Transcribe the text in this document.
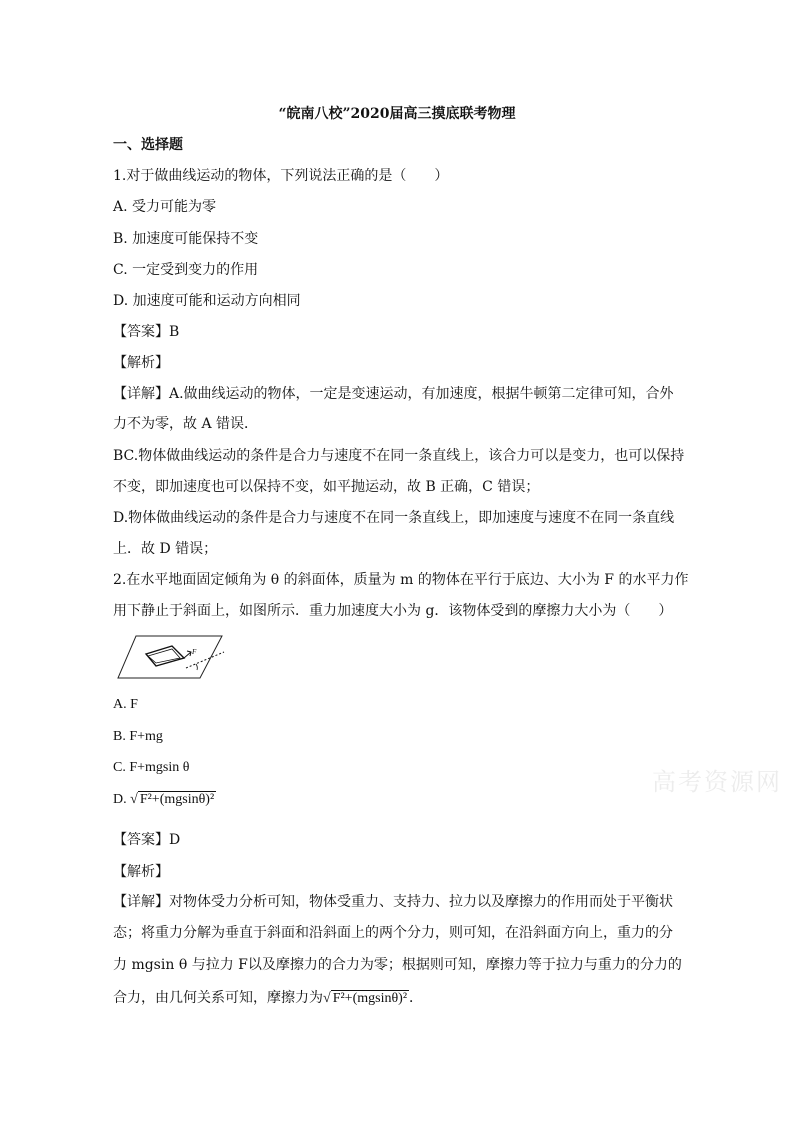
“皖南八校”2020届高三摸底联考物理
一、选择题
1.对于做曲线运动的物体，下列说法正确的是（　　）
A. 受力可能为零
B. 加速度可能保持不变
C. 一定受到变力的作用
D. 加速度可能和运动方向相同
【答案】B
【解析】
【详解】A.做曲线运动的物体，一定是变速运动，有加速度，根据牛顿第二定律可知，合外
力不为零，故 A 错误．
BC.物体做曲线运动的条件是合力与速度不在同一条直线上，该合力可以是变力，也可以保持
不变，即加速度也可以保持不变，如平抛运动，故 B 正确，C 错误；
D.物体做曲线运动的条件是合力与速度不在同一条直线上，即加速度与速度不在同一条直线
上．故 D 错误；
2.在水平地面固定倾角为 θ 的斜面体，质量为 m 的物体在平行于底边、大小为 F 的水平力作
用下静止于斜面上，如图所示．重力加速度大小为 g．该物体受到的摩擦力大小为（　　）
F
A. F
B. F+mg
C. F+mgsin θ
D. √ F²+(mgsinθ)²
【答案】D
【解析】
【详解】对物体受力分析可知，物体受重力、支持力、拉力以及摩擦力的作用而处于平衡状
态；将重力分解为垂直于斜面和沿斜面上的两个分力，则可知，在沿斜面方向上，重力的分
力 mgsin θ 与拉力 F以及摩擦力的合力为零；根据则可知，摩擦力等于拉力与重力的分力的
合力，由几何关系可知，摩擦力为√ F²+(mgsinθ)² ．
高考资源网
